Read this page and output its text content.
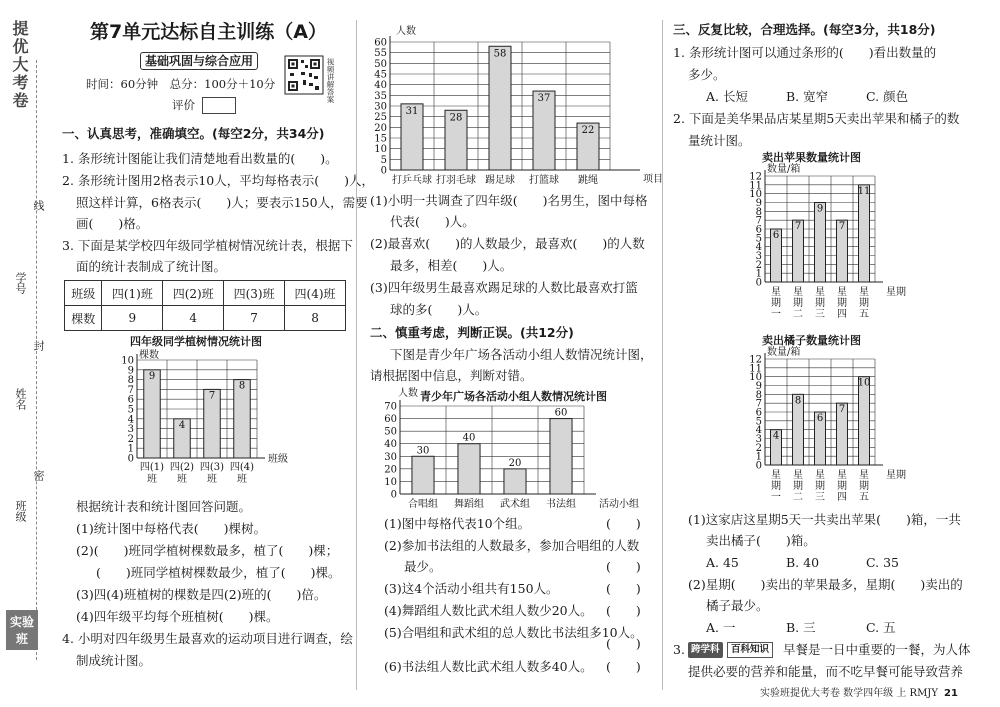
提优大考卷
线
封
密
学号
姓名
班级
实验班
第7单元达标自主训练（A）
基础巩固与综合应用
时间：60分钟　总分：100分＋10分
评价
视频讲解答案
一、认真思考，准确填空。(每空2分，共34分)
1. 条形统计图能让我们清楚地看出数量的(　　)。
2. 条形统计图用2格表示10人，平均每格表示(　　)人，
照这样计算，6格表示(　　)人；要表示150人，需要
画(　　)格。
3. 下面是某学校四年级同学植树情况统计表，根据下
面的统计表制成了统计图。
班级	四(1)班	四(2)班	四(3)班	四(4)班
棵数	9	4	7	8
四年级同学植树情况统计图
0
1
2
3
4
5
6
7
8
9
10 棵数
班级
9
四(1)班
4
四(2)班
7
四(3)班
8
四(4)班
根据统计表和统计图回答问题。
(1)统计图中每格代表(　　)棵树。
(2)(　　)班同学植树棵数最多，植了(　　)棵；
(　　)班同学植树棵数最少，植了(　　)棵。
(3)四(4)班植树的棵数是四(2)班的(　　)倍。
(4)四年级平均每个班植树(　　)棵。
4. 小明对四年级男生最喜欢的运动项目进行调查，绘
制成统计图。
0
5
10
15
20
25
30
35
40
45
50
55
60
人数
项目
31
打乒乓球
28
打羽毛球
58
踢足球
37
打篮球
22
跳绳
(1)小明一共调查了四年级(　　)名男生，图中每格
代表(　　)人。
(2)最喜欢(　　)的人数最少，最喜欢(　　)的人数
最多，相差(　　)人。
(3)四年级男生最喜欢踢足球的人数比最喜欢打篮
球的多(　　)人。
二、慎重考虑，判断正误。(共12分)
下图是青少年广场各活动小组人数情况统计图，
请根据图中信息，判断对错。
青少年广场各活动小组人数情况统计图
0
10
20
30
40
50
60
70
人数
活动小组
30
合唱组
40
舞蹈组
20
武术组
60
书法组
(1)图中每格代表10个组。	(　　)
(2)参加书法组的人数最多，参加合唱组的人数
最少。	(　　)
(3)这4个活动小组共有150人。	(　　)
(4)舞蹈组人数比武术组人数少20人。 (　　)
(5)合唱组和武术组的总人数比书法组多10人。
(　　)
(6)书法组人数比武术组人数多40人。 (　　)
三、反复比较，合理选择。(每空3分，共18分)
1. 条形统计图可以通过条形的(　　)看出数量的
多少。
A. 长短	B. 宽窄	C. 颜色
2. 下面是美华果品店某星期5天卖出苹果和橘子的数
量统计图。
卖出苹果数量统计图
0
1
2
3
4
5
6
7
8
9
10
11
12
数量/箱
星期
6
星期一
7
星期二
9
星期三
7
星期四
11
星期五
卖出橘子数量统计图
0
1
2
3
4
5
6
7
8
9
10
11
12
数量/箱
星期
4
星期一
8
星期二
6
星期三
7
星期四
10
星期五
(1)这家店这星期5天一共卖出苹果(　　)箱，一共
卖出橘子(　　)箱。
A. 45	B. 40	C. 35
(2)星期(　　)卖出的苹果最多，星期(　　)卖出的
橘子最少。
A. 一	B. 三	C. 五
3. 跨学科	百科知识	早餐是一日中重要的一餐，为人体
提供必要的营养和能量，而不吃早餐可能导致营养
实验班提优大考卷 数学四年级 上 RMJY 21
